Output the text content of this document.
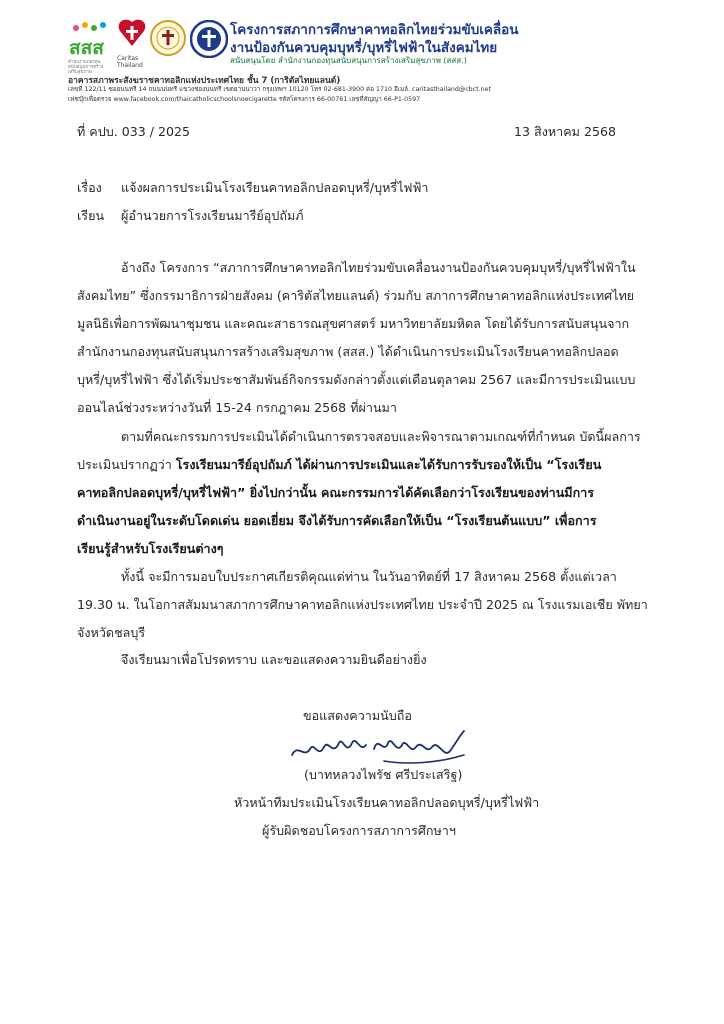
สสส
สำนักงานกองทุนสนับสนุนการสร้างเสริมสุขภาพ
Caritas
Thailand
โครงการสภาการศึกษาคาทอลิกไทยร่วมขับเคลื่อน
งานป้องกันควบคุมบุหรี่/บุหรี่ไฟฟ้าในสังคมไทย
สนับสนุนโดย สำนักงานกองทุนสนับสนุนการสร้างเสริมสุขภาพ (สสส.)
อาคารสภาพระสังฆราชคาทอลิกแห่งประเทศไทย ชั้น 7 (การิตัสไทยแลนด์)
เลขที่ 122/11 ซอยนนทรี 14 ถนนนนทรี แขวงช่องนนทรี เขตยานนาวา กรุงเทพฯ 10120 โทร 02-681-3900 ต่อ 1710 อีเมล์. caritasthailand@cbct.net
เฟซบุ๊กเพื่อตรวจ www.facebook.com/thaicatholicschoolsnoecigarette รหัสโครงการ 66-00761 เลขที่สัญญา 66-P1-0597
ที่ คปบ. 033 / 2025	13 สิงหาคม 2568
เรื่อง แจ้งผลการประเมินโรงเรียนคาทอลิกปลอดบุหรี่/บุหรี่ไฟฟ้า
เรียน ผู้อำนวยการโรงเรียนมารีย์อุปถัมภ์
อ้างถึง โครงการ “สภาการศึกษาคาทอลิกไทยร่วมขับเคลื่อนงานป้องกันควบคุมบุหรี่/บุหรี่ไฟฟ้าใน
สังคมไทย” ซึ่งกรรมาธิการฝ่ายสังคม (คาริตัสไทยแลนด์) ร่วมกับ สภาการศึกษาคาทอลิกแห่งประเทศไทย
มูลนิธิเพื่อการพัฒนาชุมชน และคณะสาธารณสุขศาสตร์ มหาวิทยาลัยมหิดล โดยได้รับการสนับสนุนจาก
สำนักงานกองทุนสนับสนุนการสร้างเสริมสุขภาพ (สสส.) ได้ดำเนินการประเมินโรงเรียนคาทอลิกปลอด
บุหรี่/บุหรี่ไฟฟ้า ซึ่งได้เริ่มประชาสัมพันธ์กิจกรรมดังกล่าวตั้งแต่เดือนตุลาคม 2567 และมีการประเมินแบบ
ออนไลน์ช่วงระหว่างวันที่ 15-24 กรกฎาคม 2568 ที่ผ่านมา
ตามที่คณะกรรมการประเมินได้ดำเนินการตรวจสอบและพิจารณาตามเกณฑ์ที่กำหนด บัดนี้ผลการ
ประเมินปรากฏว่า โรงเรียนมารีย์อุปถัมภ์ ได้ผ่านการประเมินและได้รับการรับรองให้เป็น “โรงเรียน
คาทอลิกปลอดบุหรี่/บุหรี่ไฟฟ้า” ยิ่งไปกว่านั้น คณะกรรมการได้คัดเลือกว่าโรงเรียนของท่านมีการ
ดำเนินงานอยู่ในระดับโดดเด่น ยอดเยี่ยม จึงได้รับการคัดเลือกให้เป็น “โรงเรียนต้นแบบ” เพื่อการ
เรียนรู้สำหรับโรงเรียนต่างๆ
ทั้งนี้ จะมีการมอบใบประกาศเกียรติคุณแด่ท่าน ในวันอาทิตย์ที่ 17 สิงหาคม 2568 ตั้งแต่เวลา
19.30 น. ในโอกาสสัมมนาสภาการศึกษาคาทอลิกแห่งประเทศไทย ประจำปี 2025 ณ โรงแรมเอเชีย พัทยา
จังหวัดชลบุรี
จึงเรียนมาเพื่อโปรดทราบ และขอแสดงความยินดีอย่างยิ่ง
ขอแสดงความนับถือ
(บาทหลวงไพรัช ศรีประเสริฐ)
หัวหน้าทีมประเมินโรงเรียนคาทอลิกปลอดบุหรี่/บุหรี่ไฟฟ้า
ผู้รับผิดชอบโครงการสภาการศึกษาฯ
